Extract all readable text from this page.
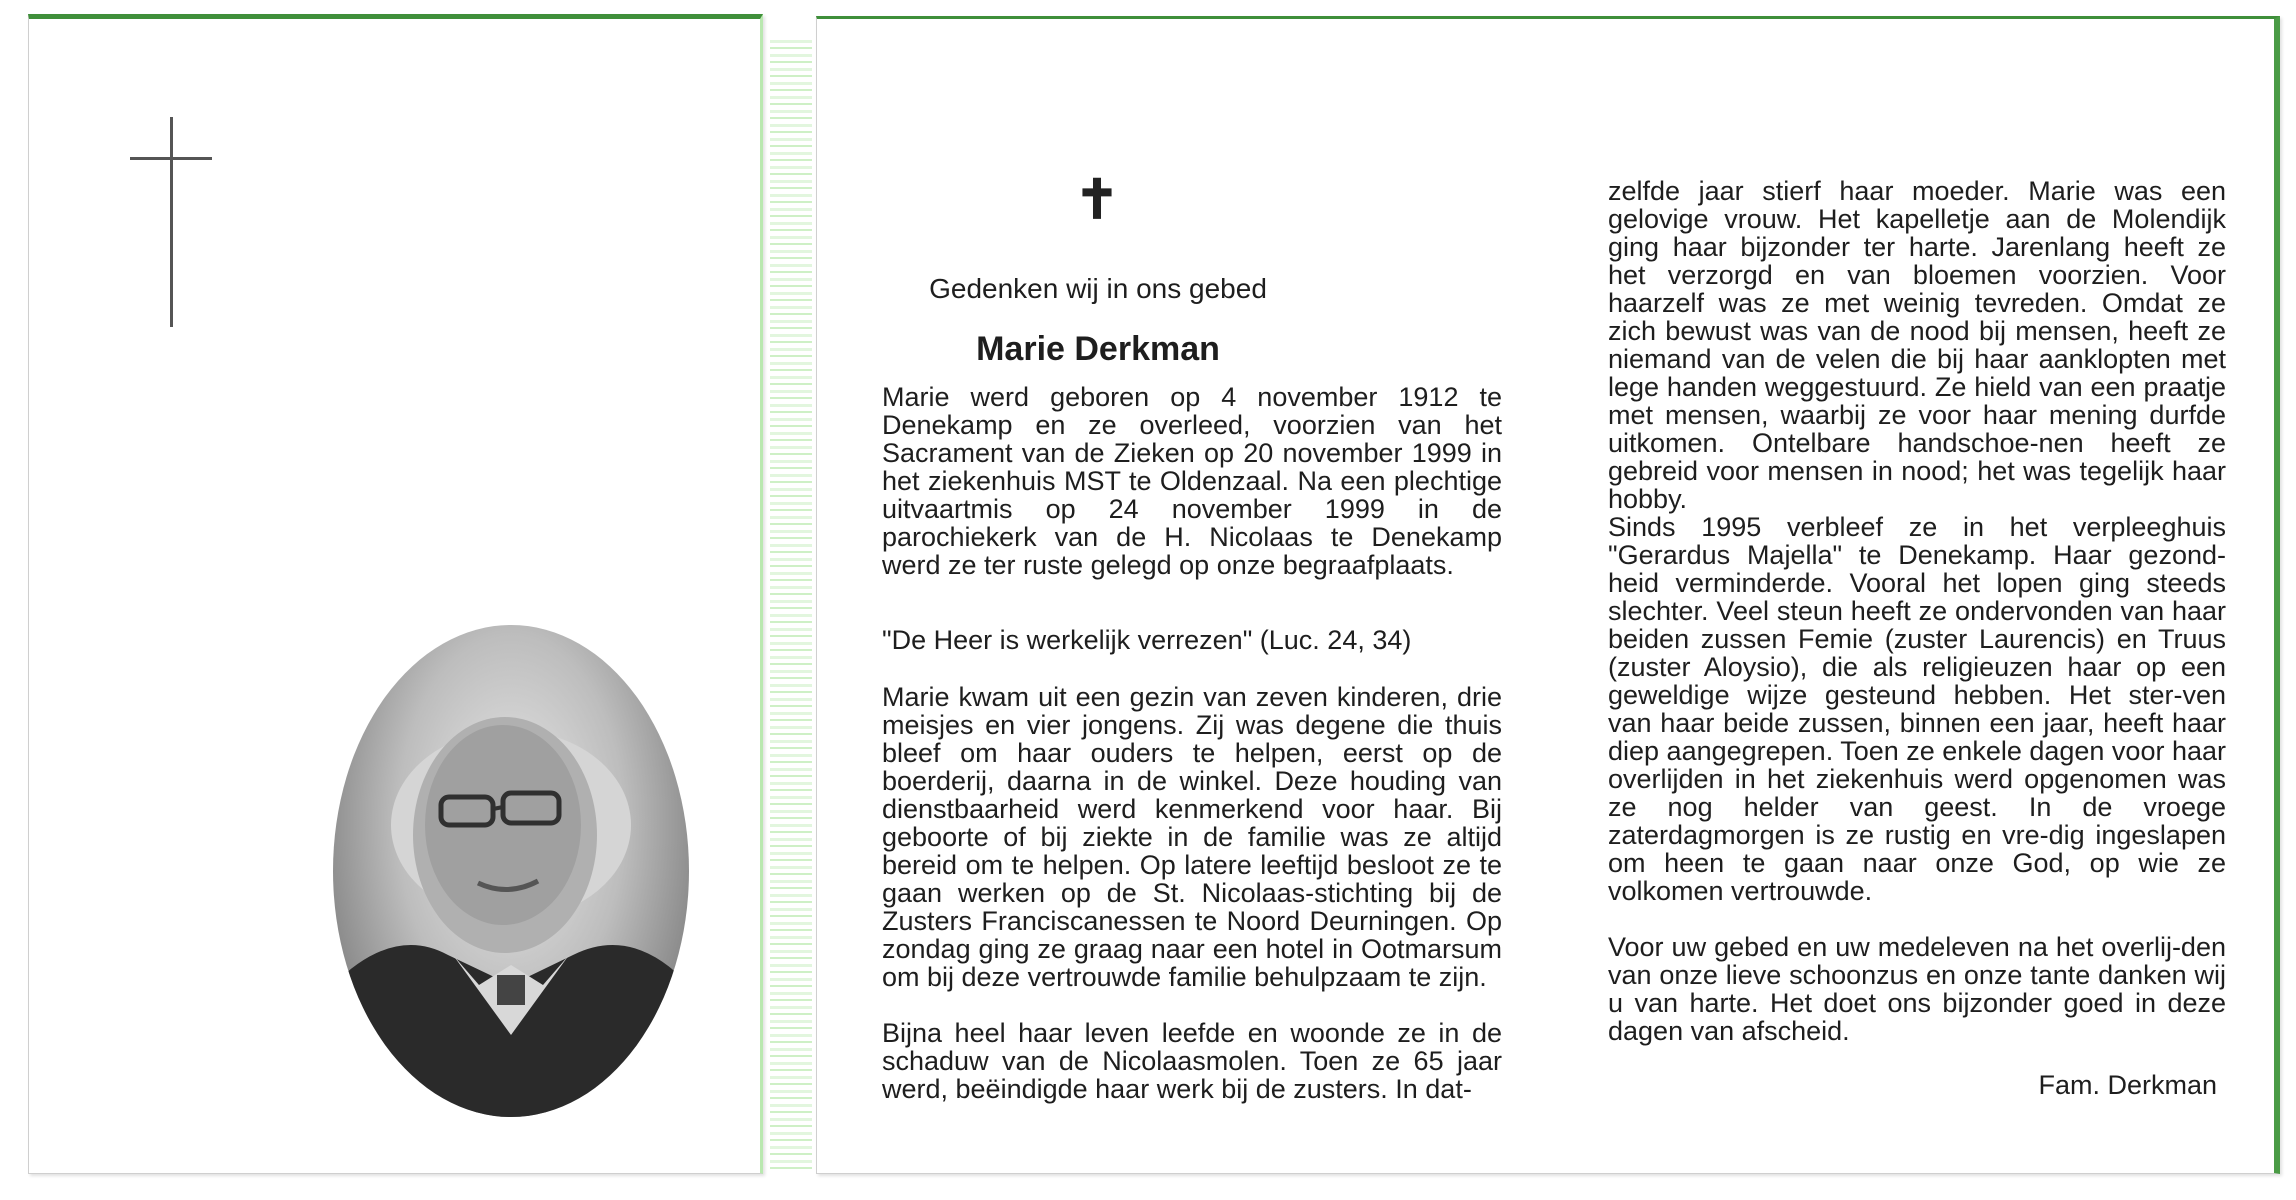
✝
Gedenken wij in ons gebed
Marie Derkman

Marie werd geboren op 4 november 1912 te Denekamp en ze overleed, voorzien van het Sacrament van de Zieken op 20 november 1999 in het ziekenhuis MST te Oldenzaal. Na een plechtige uitvaartmis op 24 november 1999 in de parochiekerk van de H. Nicolaas te Denekamp werd ze ter ruste gelegd op onze begraafplaats.

"De Heer is werkelijk verrezen" (Luc. 24, 34)

Marie kwam uit een gezin van zeven kinderen, drie meisjes en vier jongens. Zij was degene die thuis bleef om haar ouders te helpen, eerst op de boerderij, daarna in de winkel. Deze houding van dienstbaarheid werd kenmerkend voor haar. Bij geboorte of bij ziekte in de familie was ze altijd bereid om te helpen. Op latere leeftijd besloot ze te gaan werken op de St. Nicolaas-stichting bij de Zusters Franciscanessen te Noord Deurningen. Op zondag ging ze graag naar een hotel in Ootmarsum om bij deze vertrouwde familie behulpzaam te zijn.

Bijna heel haar leven leefde en woonde ze in de schaduw van de Nicolaasmolen. Toen ze 65 jaar werd, beëindigde haar werk bij de zusters. In dat-

zelfde jaar stierf haar moeder. Marie was een gelovige vrouw. Het kapelletje aan de Molendijk ging haar bijzonder ter harte. Jarenlang heeft ze het verzorgd en van bloemen voorzien. Voor haarzelf was ze met weinig tevreden. Omdat ze zich bewust was van de nood bij mensen, heeft ze niemand van de velen die bij haar aanklopten met lege handen weggestuurd. Ze hield van een praatje met mensen, waarbij ze voor haar mening durfde uitkomen. Ontelbare handschoe-nen heeft ze gebreid voor mensen in nood; het was tegelijk haar hobby.

Sinds 1995 verbleef ze in het verpleeghuis "Gerardus Majella" te Denekamp. Haar gezond-heid verminderde. Vooral het lopen ging steeds slechter. Veel steun heeft ze ondervonden van haar beiden zussen Femie (zuster Laurencis) en Truus (zuster Aloysio), die als religieuzen haar op een geweldige wijze gesteund hebben. Het ster-ven van haar beide zussen, binnen een jaar, heeft haar diep aangegrepen. Toen ze enkele dagen voor haar overlijden in het ziekenhuis werd opgenomen was ze nog helder van geest. In de vroege zaterdagmorgen is ze rustig en vre-dig ingeslapen om heen te gaan naar onze God, op wie ze volkomen vertrouwde.

Voor uw gebed en uw medeleven na het overlij-den van onze lieve schoonzus en onze tante danken wij u van harte. Het doet ons bijzonder goed in deze dagen van afscheid.

Fam. Derkman
